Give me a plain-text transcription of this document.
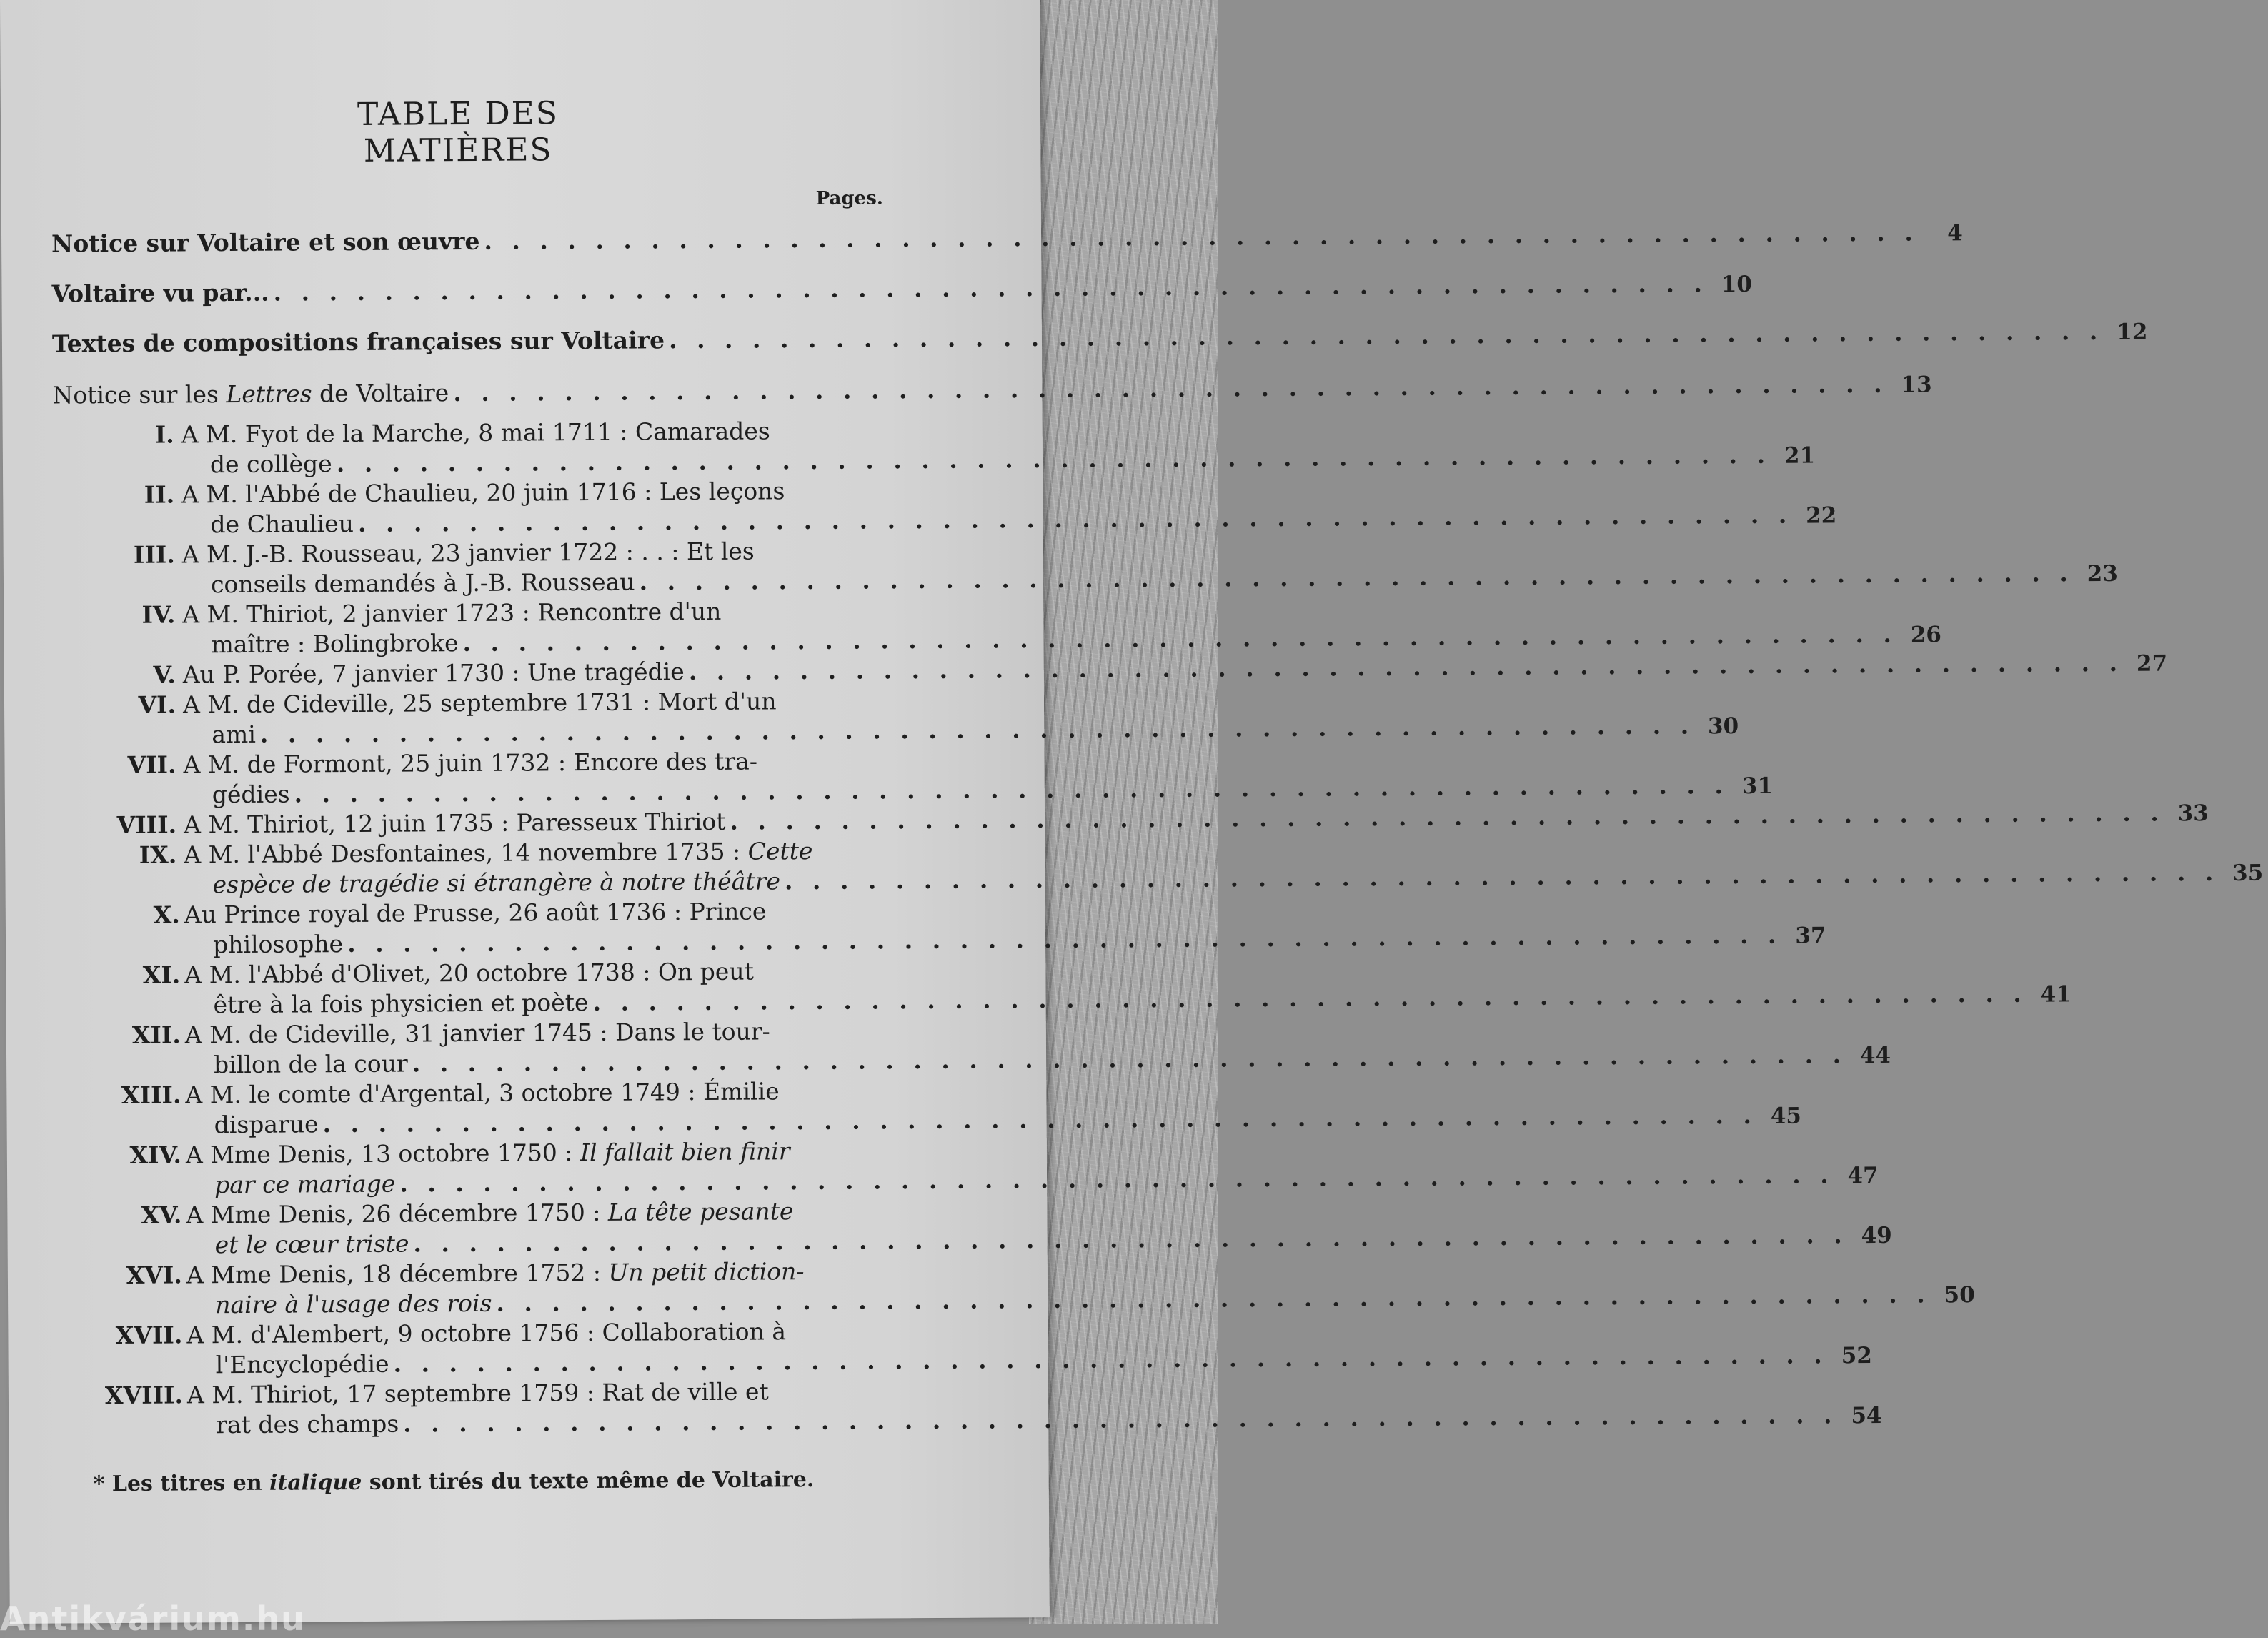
TABLE DES MATIÈRES
Pages.
Notice sur Voltaire et son œuvre . . . . . . . . . . . . . . . . . . . . . . . . . . . . . . . . . . . . . . . . . . . . . . . . . . . .	4
Voltaire vu par... . . . . . . . . . . . . . . . . . . . . . . . . . . . . . . . . . . . . . . . . . . . . . . . . . . . . 10
Textes de compositions françaises sur Voltaire . . . . . . . . . . . . . . . . . . . . . . . . . . . . . . . . . . . . . . . . . . . . . . . . . . . . 12
Notice sur les Lettres de Voltaire . . . . . . . . . . . . . . . . . . . . . . . . . . . . . . . . . . . . . . . . . . . . . . . . . . . . 13
I. A M. Fyot de la Marche, 8 mai 1711 : Camarades
de collège . . . . . . . . . . . . . . . . . . . . . . . . . . . . . . . . . . . . . . . . . . . . . . . . . . . . 21
II. A M. l'Abbé de Chaulieu, 20 juin 1716 : Les leçons
de Chaulieu . . . . . . . . . . . . . . . . . . . . . . . . . . . . . . . . . . . . . . . . . . . . . . . . . . . . 22
III. A M. J.-B. Rousseau, 23 janvier 1722 : . . : Et les
conseils demandés à J.-B. Rousseau . . . . . . . . . . . . . . . . . . . . . . . . . . . . . . . . . . . . . . . . . . . . . . . . . . . . 23
IV. A M. Thiriot, 2 janvier 1723 : Rencontre d'un
maître : Bolingbroke . . . . . . . . . . . . . . . . . . . . . . . . . . . . . . . . . . . . . . . . . . . . . . . . . . . . 26
V. Au P. Porée, 7 janvier 1730 : Une tragédie . . . . . . . . . . . . . . . . . . . . . . . . . . . . . . . . . . . . . . . . . . . . . . . . . . . . 27
VI. A M. de Cideville, 25 septembre 1731 : Mort d'un
ami . . . . . . . . . . . . . . . . . . . . . . . . . . . . . . . . . . . . . . . . . . . . . . . . . . . . 30
VII. A M. de Formont, 25 juin 1732 : Encore des tra-
gédies . . . . . . . . . . . . . . . . . . . . . . . . . . . . . . . . . . . . . . . . . . . . . . . . . . . . 31
VIII. A M. Thiriot, 12 juin 1735 : Paresseux Thiriot . . . . . . . . . . . . . . . . . . . . . . . . . . . . . . . . . . . . . . . . . . . . . . . . . . . . 33
IX. A M. l'Abbé Desfontaines, 14 novembre 1735 : Cette
espèce de tragédie si étrangère à notre théâtre . . . . . . . . . . . . . . . . . . . . . . . . . . . . . . . . . . . . . . . . . . . . . . . . . . . . 35
X. Au Prince royal de Prusse, 26 août 1736 : Prince
philosophe . . . . . . . . . . . . . . . . . . . . . . . . . . . . . . . . . . . . . . . . . . . . . . . . . . . . 37
XI. A M. l'Abbé d'Olivet, 20 octobre 1738 : On peut
être à la fois physicien et poète . . . . . . . . . . . . . . . . . . . . . . . . . . . . . . . . . . . . . . . . . . . . . . . . . . . . 41
XII. A M. de Cideville, 31 janvier 1745 : Dans le tour-
billon de la cour . . . . . . . . . . . . . . . . . . . . . . . . . . . . . . . . . . . . . . . . . . . . . . . . . . . . 44
XIII. A M. le comte d'Argental, 3 octobre 1749 : Émilie
disparue . . . . . . . . . . . . . . . . . . . . . . . . . . . . . . . . . . . . . . . . . . . . . . . . . . . . 45
XIV. A Mme Denis, 13 octobre 1750 : Il fallait bien finir
par ce mariage . . . . . . . . . . . . . . . . . . . . . . . . . . . . . . . . . . . . . . . . . . . . . . . . . . . . 47
XV. A Mme Denis, 26 décembre 1750 : La tête pesante
et le cœur triste . . . . . . . . . . . . . . . . . . . . . . . . . . . . . . . . . . . . . . . . . . . . . . . . . . . . 49
XVI. A Mme Denis, 18 décembre 1752 : Un petit diction-
naire à l'usage des rois . . . . . . . . . . . . . . . . . . . . . . . . . . . . . . . . . . . . . . . . . . . . . . . . . . . . 50
XVII. A M. d'Alembert, 9 octobre 1756 : Collaboration à
l'Encyclopédie . . . . . . . . . . . . . . . . . . . . . . . . . . . . . . . . . . . . . . . . . . . . . . . . . . . . 52
XVIII. A M. Thiriot, 17 septembre 1759 : Rat de ville et
rat des champs . . . . . . . . . . . . . . . . . . . . . . . . . . . . . . . . . . . . . . . . . . . . . . . . . . . . 54
* Les titres en italique sont tirés du texte même de Voltaire.
Antikvárium.hu
